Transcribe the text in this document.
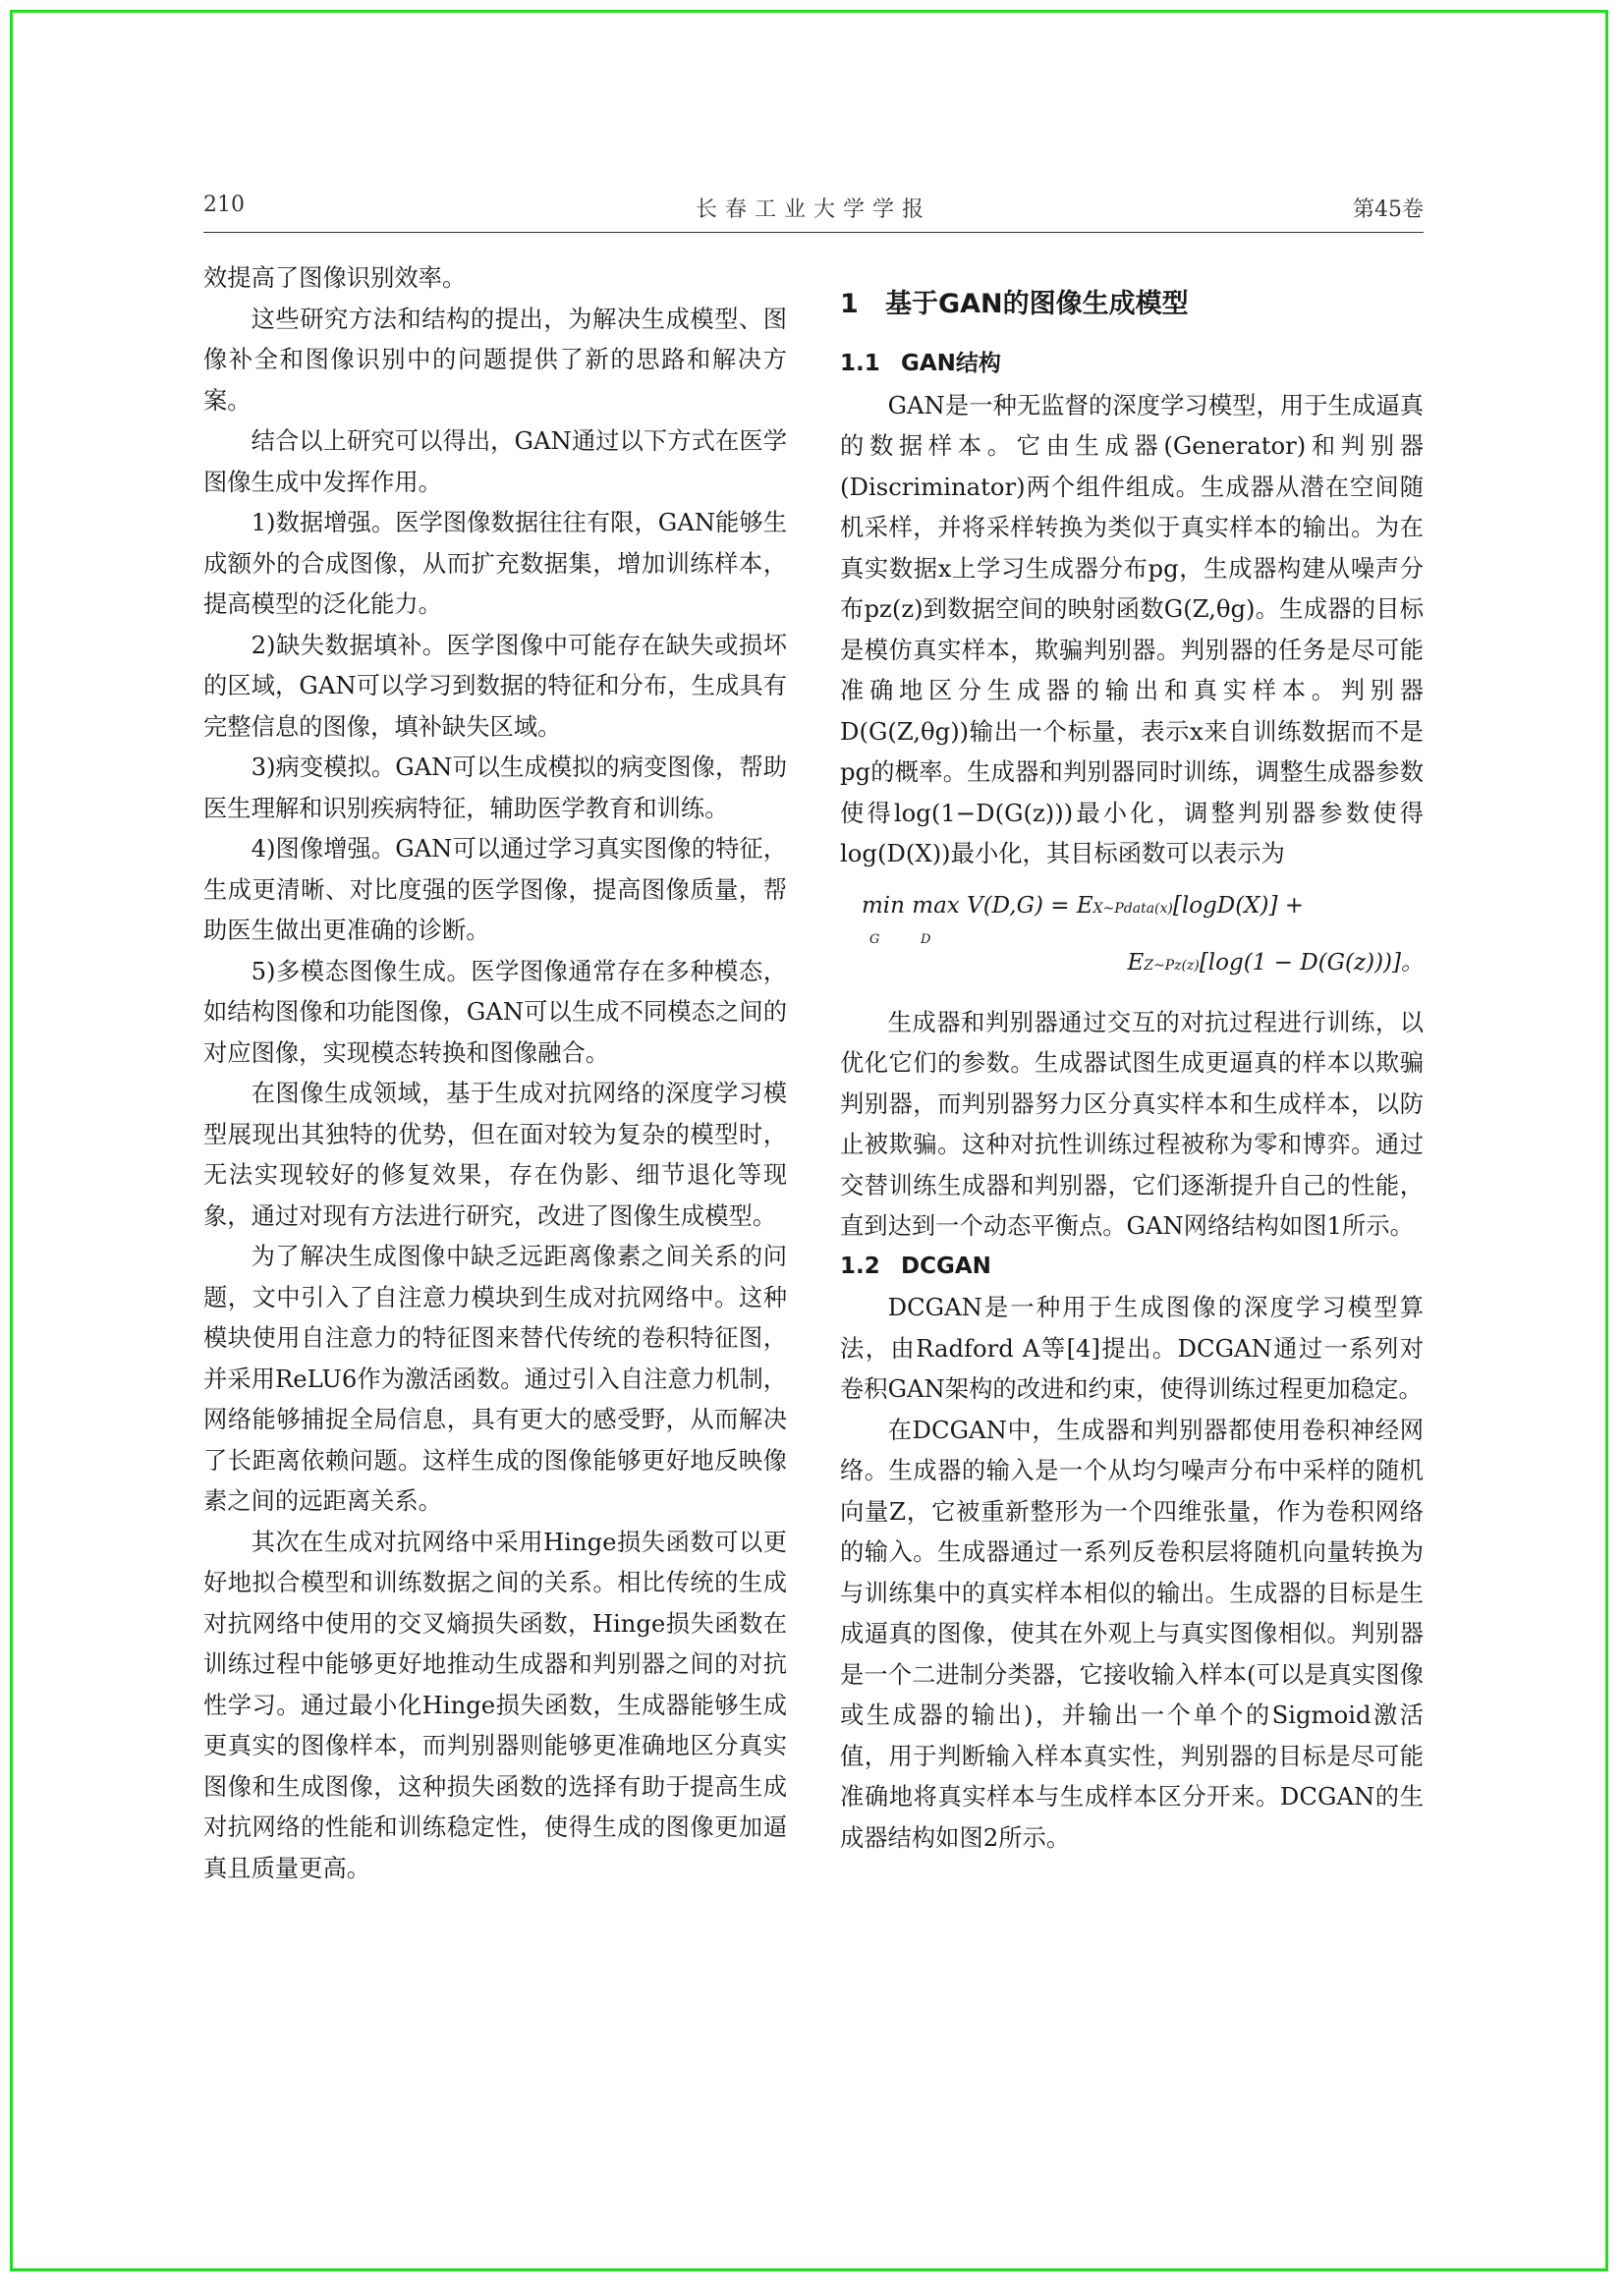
210	长春工业大学学报	第45卷

效提高了图像识别效率。

这些研究方法和结构的提出，为解决生成模型、图像补全和图像识别中的问题提供了新的思路和解决方案。

结合以上研究可以得出，GAN通过以下方式在医学图像生成中发挥作用。

1)数据增强。医学图像数据往往有限，GAN能够生成额外的合成图像，从而扩充数据集，增加训练样本，提高模型的泛化能力。

2)缺失数据填补。医学图像中可能存在缺失或损坏的区域，GAN可以学习到数据的特征和分布，生成具有完整信息的图像，填补缺失区域。

3)病变模拟。GAN可以生成模拟的病变图像，帮助医生理解和识别疾病特征，辅助医学教育和训练。

4)图像增强。GAN可以通过学习真实图像的特征，生成更清晰、对比度强的医学图像，提高图像质量，帮助医生做出更准确的诊断。

5)多模态图像生成。医学图像通常存在多种模态，如结构图像和功能图像，GAN可以生成不同模态之间的对应图像，实现模态转换和图像融合。

在图像生成领域，基于生成对抗网络的深度学习模型展现出其独特的优势，但在面对较为复杂的模型时，无法实现较好的修复效果，存在伪影、细节退化等现象，通过对现有方法进行研究，改进了图像生成模型。

为了解决生成图像中缺乏远距离像素之间关系的问题，文中引入了自注意力模块到生成对抗网络中。这种模块使用自注意力的特征图来替代传统的卷积特征图，并采用ReLU6作为激活函数。通过引入自注意力机制，网络能够捕捉全局信息，具有更大的感受野，从而解决了长距离依赖问题。这样生成的图像能够更好地反映像素之间的远距离关系。

其次在生成对抗网络中采用Hinge损失函数可以更好地拟合模型和训练数据之间的关系。相比传统的生成对抗网络中使用的交叉熵损失函数，Hinge损失函数在训练过程中能够更好地推动生成器和判别器之间的对抗性学习。通过最小化Hinge损失函数，生成器能够生成更真实的图像样本，而判别器则能够更准确地区分真实图像和生成图像，这种损失函数的选择有助于提高生成对抗网络的性能和训练稳定性，使得生成的图像更加逼真且质量更高。

1 基于GAN的图像生成模型
1.1 GAN结构

GAN是一种无监督的深度学习模型，用于生成逼真的数据样本。它由生成器(Generator)和判别器(Discriminator)两个组件组成。生成器从潜在空间随机采样，并将采样转换为类似于真实样本的输出。为在真实数据x上学习生成器分布pg，生成器构建从噪声分布pz(z)到数据空间的映射函数G(Z,θg)。生成器的目标是模仿真实样本，欺骗判别器。判别器的任务是尽可能准确地区分生成器的输出和真实样本。判别器D(G(Z,θg))输出一个标量，表示x来自训练数据而不是pg的概率。生成器和判别器同时训练，调整生成器参数使得log(1−D(G(z)))最小化，调整判别器参数使得log(D(X))最小化，其目标函数可以表示为

min max V(D,G) = EX~Pdata(x)[logD(X)] +
G	D
EZ~Pz(z)[log(1 − D(G(z)))]。

生成器和判别器通过交互的对抗过程进行训练，以优化它们的参数。生成器试图生成更逼真的样本以欺骗判别器，而判别器努力区分真实样本和生成样本，以防止被欺骗。这种对抗性训练过程被称为零和博弈。通过交替训练生成器和判别器，它们逐渐提升自己的性能，直到达到一个动态平衡点。GAN网络结构如图1所示。

1.2 DCGAN

DCGAN是一种用于生成图像的深度学习模型算法，由Radford A等[4]提出。DCGAN通过一系列对卷积GAN架构的改进和约束，使得训练过程更加稳定。

在DCGAN中，生成器和判别器都使用卷积神经网络。生成器的输入是一个从均匀噪声分布中采样的随机向量Z，它被重新整形为一个四维张量，作为卷积网络的输入。生成器通过一系列反卷积层将随机向量转换为与训练集中的真实样本相似的输出。生成器的目标是生成逼真的图像，使其在外观上与真实图像相似。判别器是一个二进制分类器，它接收输入样本(可以是真实图像或生成器的输出)，并输出一个单个的Sigmoid激活值，用于判断输入样本真实性，判别器的目标是尽可能准确地将真实样本与生成样本区分开来。DCGAN的生成器结构如图2所示。
